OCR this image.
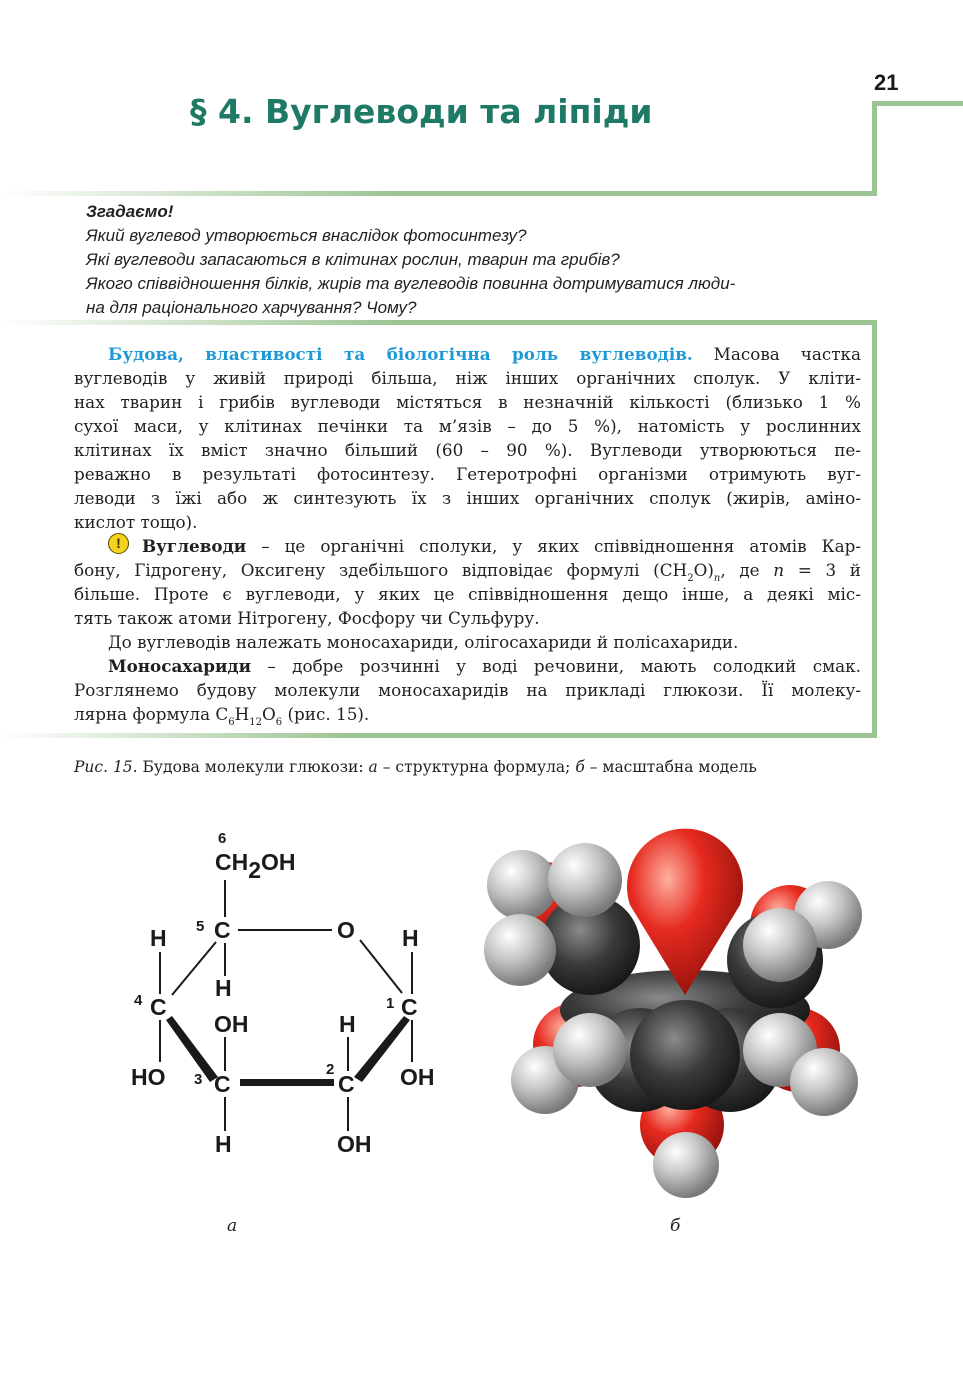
21
§ 4. Вуглеводи та ліпіди
Згадаємо!
Який вуглевод утворюється внаслідок фотосинтезу?
Які вуглеводи запасаються в клітинах рослин, тварин та грибів?
Якого співвідношення білків, жирів та вуглеводів повинна дотримуватися люди-
на для раціонального харчування? Чому?
Будова, властивості та біологічна роль вуглеводів. Масова частка
вуглеводів у живій природі більша, ніж інших органічних сполук. У кліти-
нах тварин і грибів вуглеводи містяться в незначній кількості (близько 1 %
сухої маси, у клітинах печінки та м’язів – до 5 %), натомість у рослинних
клітинах їх вміст значно більший (60 – 90 %). Вуглеводи утворюються пе-
реважно в результаті фотосинтезу. Гетеротрофні організми отримують вуг-
леводи з їжі або ж синтезують їх з інших органічних сполук (жирів, аміно-
кислот тощо).
!	Вуглеводи – це органічні сполуки, у яких співвідношення атомів Кар-
бону, Гідрогену, Оксигену здебільшого відповідає формулі $(CH_2O)_n$, де n = 3 й
більше. Проте є вуглеводи, у яких це співвідношення дещо інше, а деякі міс-
тять також атоми Нітрогену, Фосфору чи Сульфуру.
До вуглеводів належать моносахариди, олігосахариди й полісахариди.
Моносахариди – добре розчинні у воді речовини, мають солодкий смак.
Розглянемо будову молекули моносахаридів на прикладі глюкози. Її молеку-
лярна формула $C_6H_{12}O_6$ (рис. 15).
Рис. 15. Будова молекули глюкози: а – структурна формула; б – масштабна модель
6
CH2OH
5 C	O
H	H
H
4 C	1 C
OH	H
2
3
HO C	C OH
H	OH
а	б
